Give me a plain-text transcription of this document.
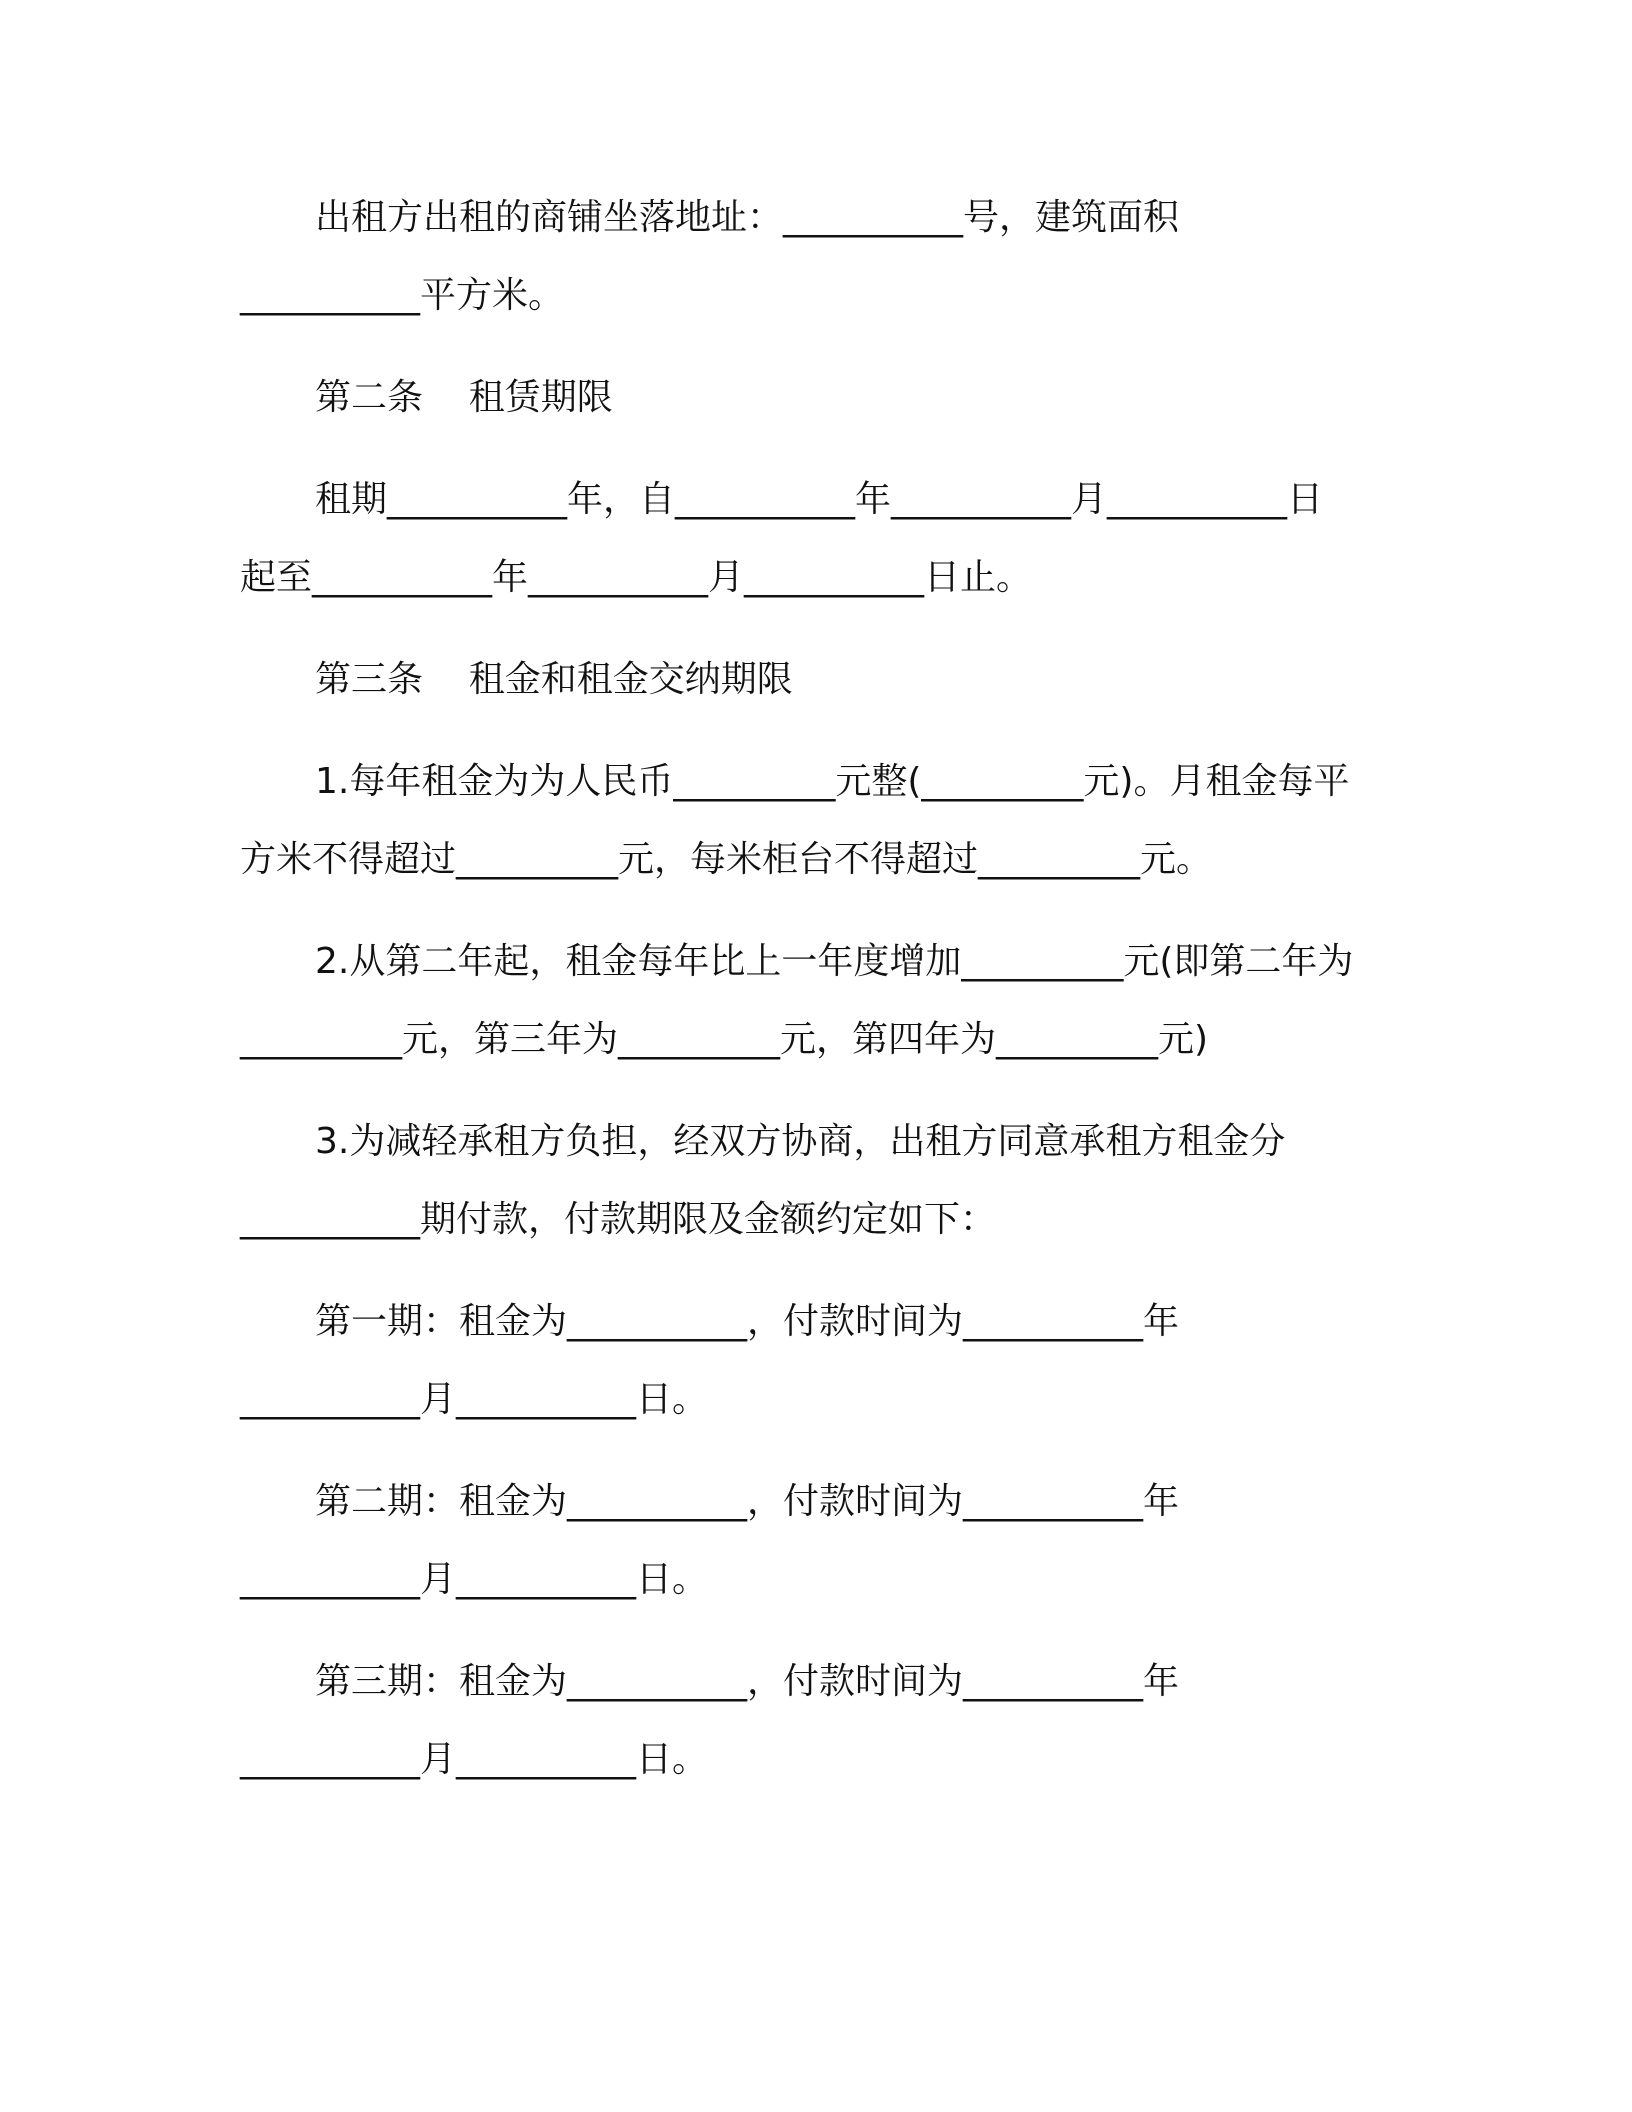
出租方出租的商铺坐落地址：__________号，建筑面积
__________平方米。
第二条    租赁期限
租期__________年，自__________年__________月__________日
起至__________年__________月__________日止。
第三条    租金和租金交纳期限
1.每年租金为为人民币_________元整(_________元)。月租金每平
方米不得超过_________元，每米柜台不得超过_________元。
2.从第二年起，租金每年比上一年度增加_________元(即第二年为
_________元，第三年为_________元，第四年为_________元)
3.为减轻承租方负担，经双方协商，出租方同意承租方租金分
__________期付款，付款期限及金额约定如下：
第一期：租金为__________，付款时间为__________年
__________月__________日。
第二期：租金为__________，付款时间为__________年
__________月__________日。
第三期：租金为__________，付款时间为__________年
__________月__________日。
